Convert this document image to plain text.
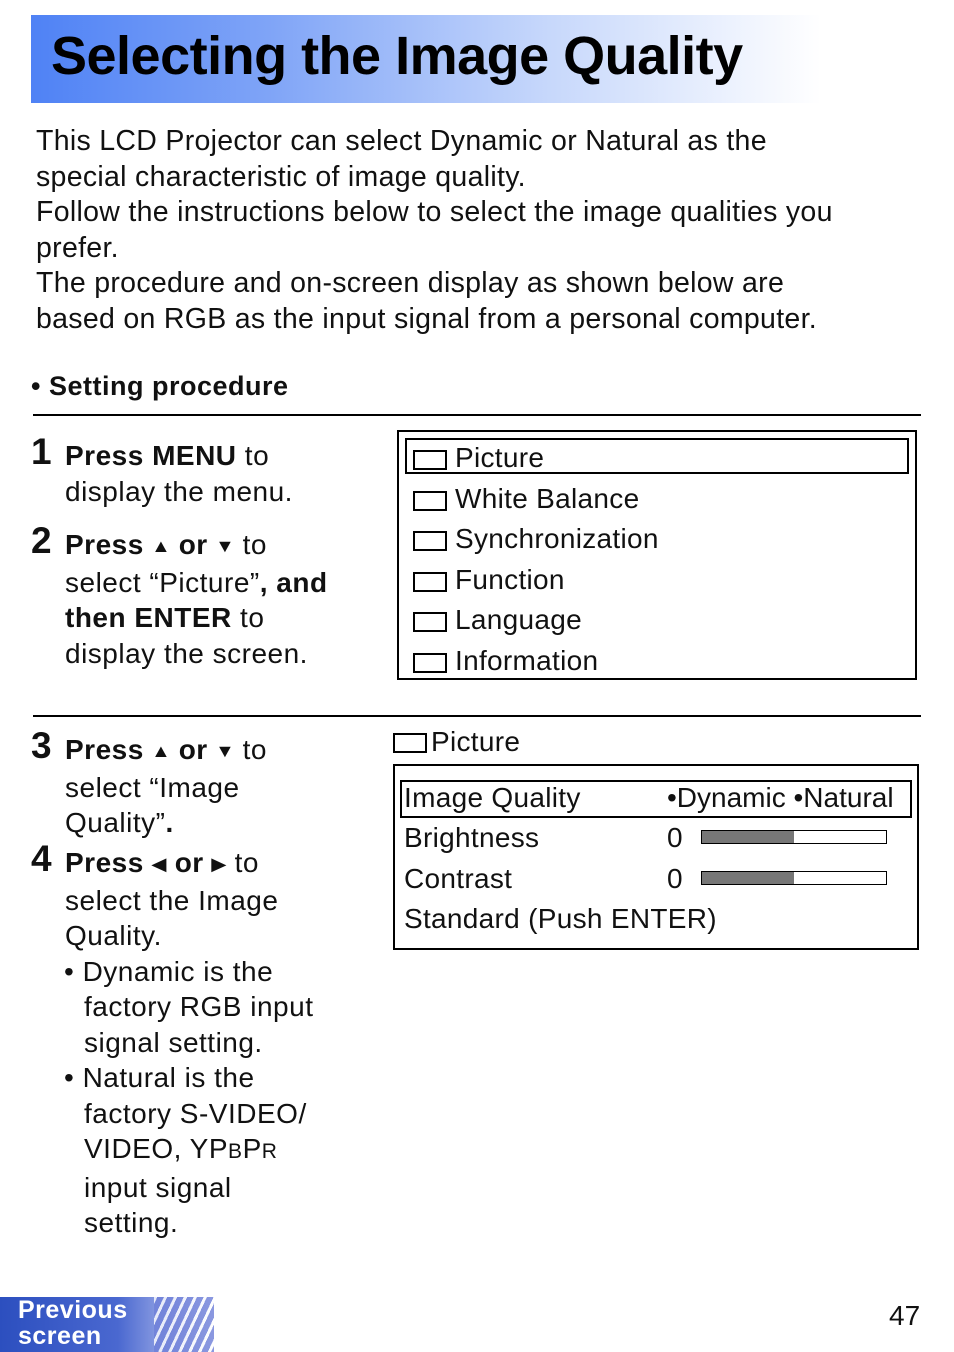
Selecting the Image Quality
This LCD Projector can select Dynamic or Natural as the
special characteristic of image quality.
Follow the instructions below to select the image qualities you
prefer.
The procedure and on-screen display as shown below are
based on RGB as the input signal from a personal computer.
• Setting procedure
1 Press MENU to
display the menu.
2 Press ▲ or ▼ to
select “Picture”, and
then ENTER to
display the screen.
Picture
White Balance
Synchronization
Function
Language
Information
3 Press ▲ or ▼ to
select “Image
Quality”.
4 Press ◀ or ▶ to
select the Image
Quality.
• Dynamic is the
factory RGB input
signal setting.
• Natural is the
factory S-VIDEO/
VIDEO, YPBPR
input signal
setting.
Picture
Image Quality	•Dynamic •Natural
Brightness	0
Contrast	0
Standard (Push ENTER)
47
Previous
screen
